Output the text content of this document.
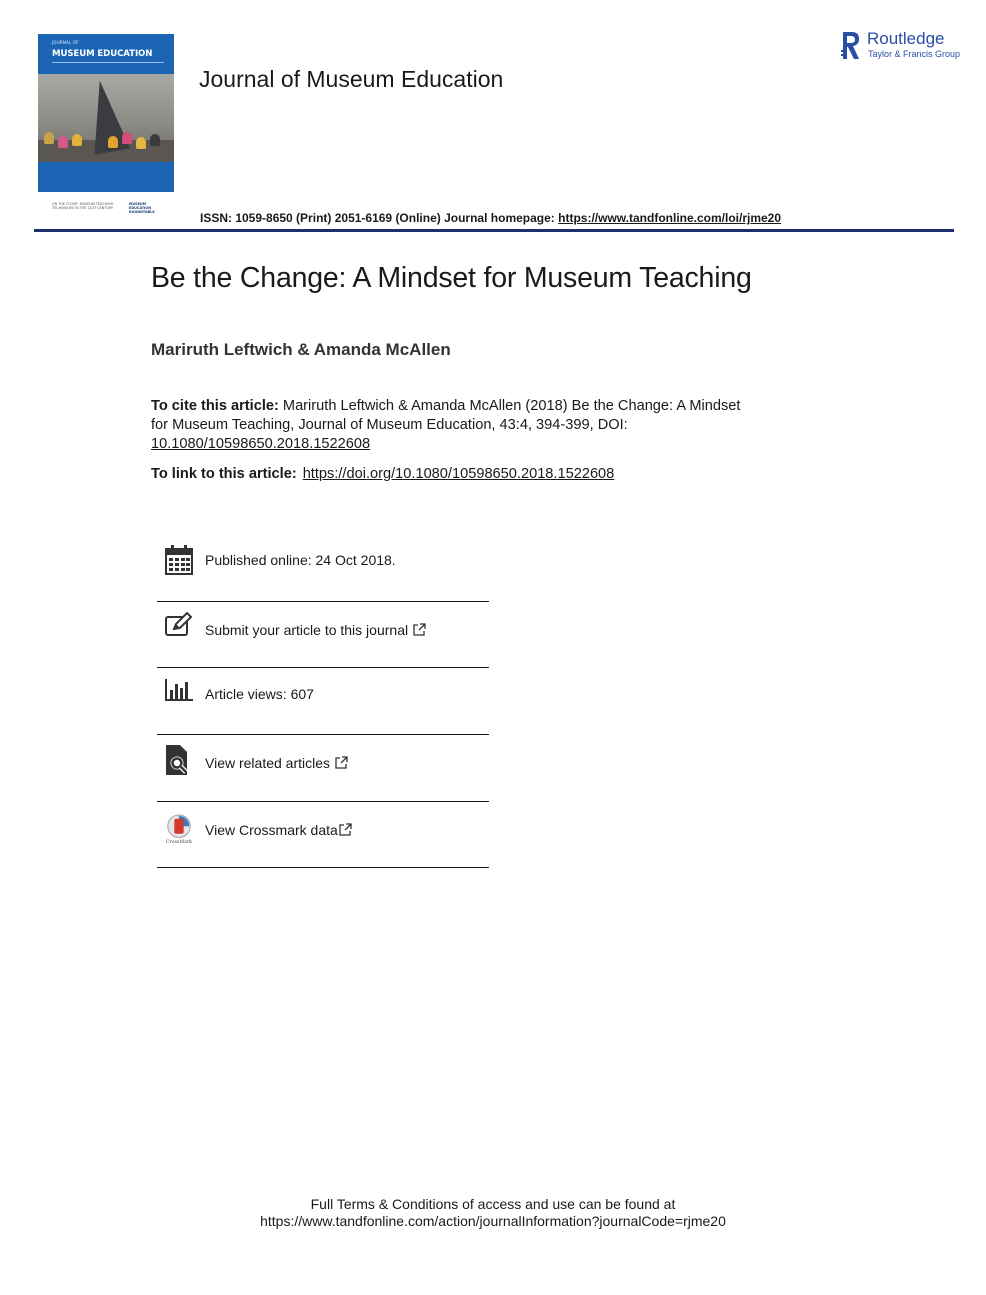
JOURNAL OF
MUSEUM EDUCATION
ON THE FLOOR: MUSEUM TEACHING TECHNIQUES IN THE 21ST CENTURY
MUSEUM EDUCATION ROUNDTABLE
Journal of Museum Education
Routledge
Taylor & Francis Group
ISSN: 1059-8650 (Print) 2051-6169 (Online) Journal homepage: https://www.tandfonline.com/loi/rjme20
Be the Change: A Mindset for Museum Teaching
Mariruth Leftwich & Amanda McAllen
To cite this article: Mariruth Leftwich & Amanda McAllen (2018) Be the Change: A Mindset for Museum Teaching, Journal of Museum Education, 43:4, 394-399, DOI: 10.1080/10598650.2018.1522608
To link to this article: https://doi.org/10.1080/10598650.2018.1522608
Published online: 24 Oct 2018.
Submit your article to this journal
Article views: 607
View related articles
CrossMark
View Crossmark data
Full Terms & Conditions of access and use can be found at
https://www.tandfonline.com/action/journalInformation?journalCode=rjme20
